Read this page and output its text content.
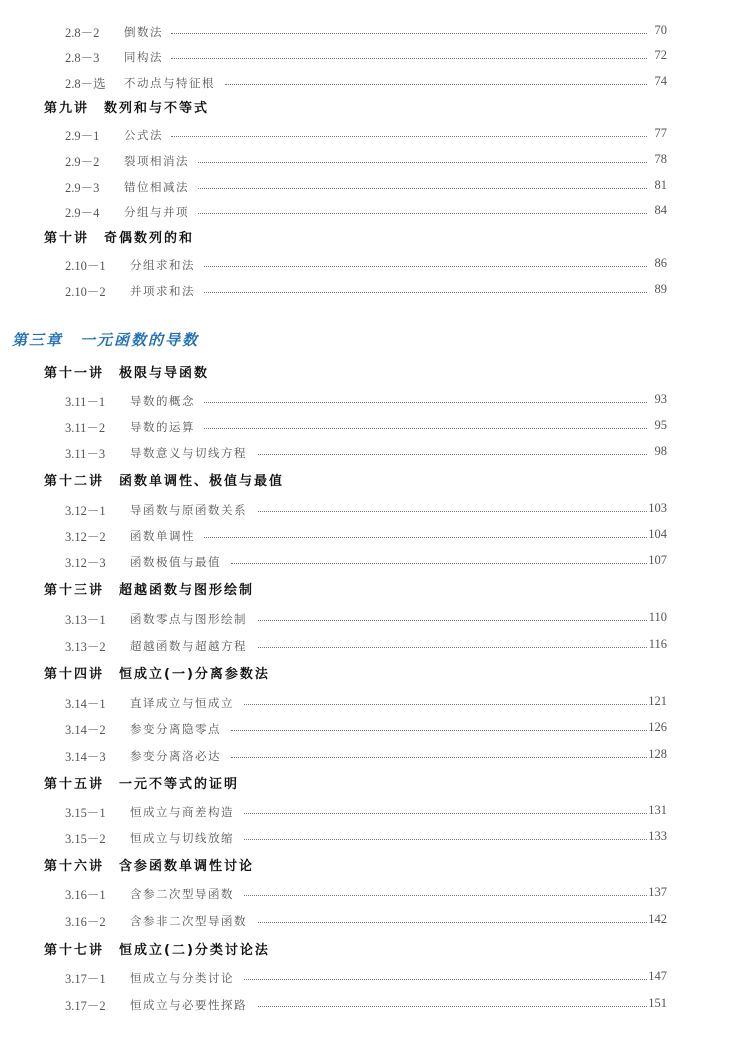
2.8－2 倒数法	70
2.8－3 同构法	72
2.8－选 不动点与特征根	74
第九讲　数列和与不等式
2.9－1 公式法	77
2.9－2 裂项相消法	78
2.9－3 错位相减法	81
2.9－4 分组与并项	84
第十讲　奇偶数列的和
2.10－1 分组求和法	86
2.10－2 并项求和法	89
第三章　一元函数的导数
第十一讲　极限与导函数
3.11－1 导数的概念	93
3.11－2 导数的运算	95
3.11－3 导数意义与切线方程	98
第十二讲　函数单调性、极值与最值
3.12－1 导函数与原函数关系	103
3.12－2 函数单调性	104
3.12－3 函数极值与最值	107
第十三讲　超越函数与图形绘制
3.13－1 函数零点与图形绘制	110
3.13－2 超越函数与超越方程	116
第十四讲　恒成立(一)分离参数法
3.14－1 直译成立与恒成立	121
3.14－2 参变分离隐零点	126
3.14－3 参变分离洛必达	128
第十五讲　一元不等式的证明
3.15－1 恒成立与商差构造	131
3.15－2 恒成立与切线放缩	133
第十六讲　含参函数单调性讨论
3.16－1 含参二次型导函数	137
3.16－2 含参非二次型导函数	142
第十七讲　恒成立(二)分类讨论法
3.17－1 恒成立与分类讨论	147
3.17－2 恒成立与必要性探路	151
